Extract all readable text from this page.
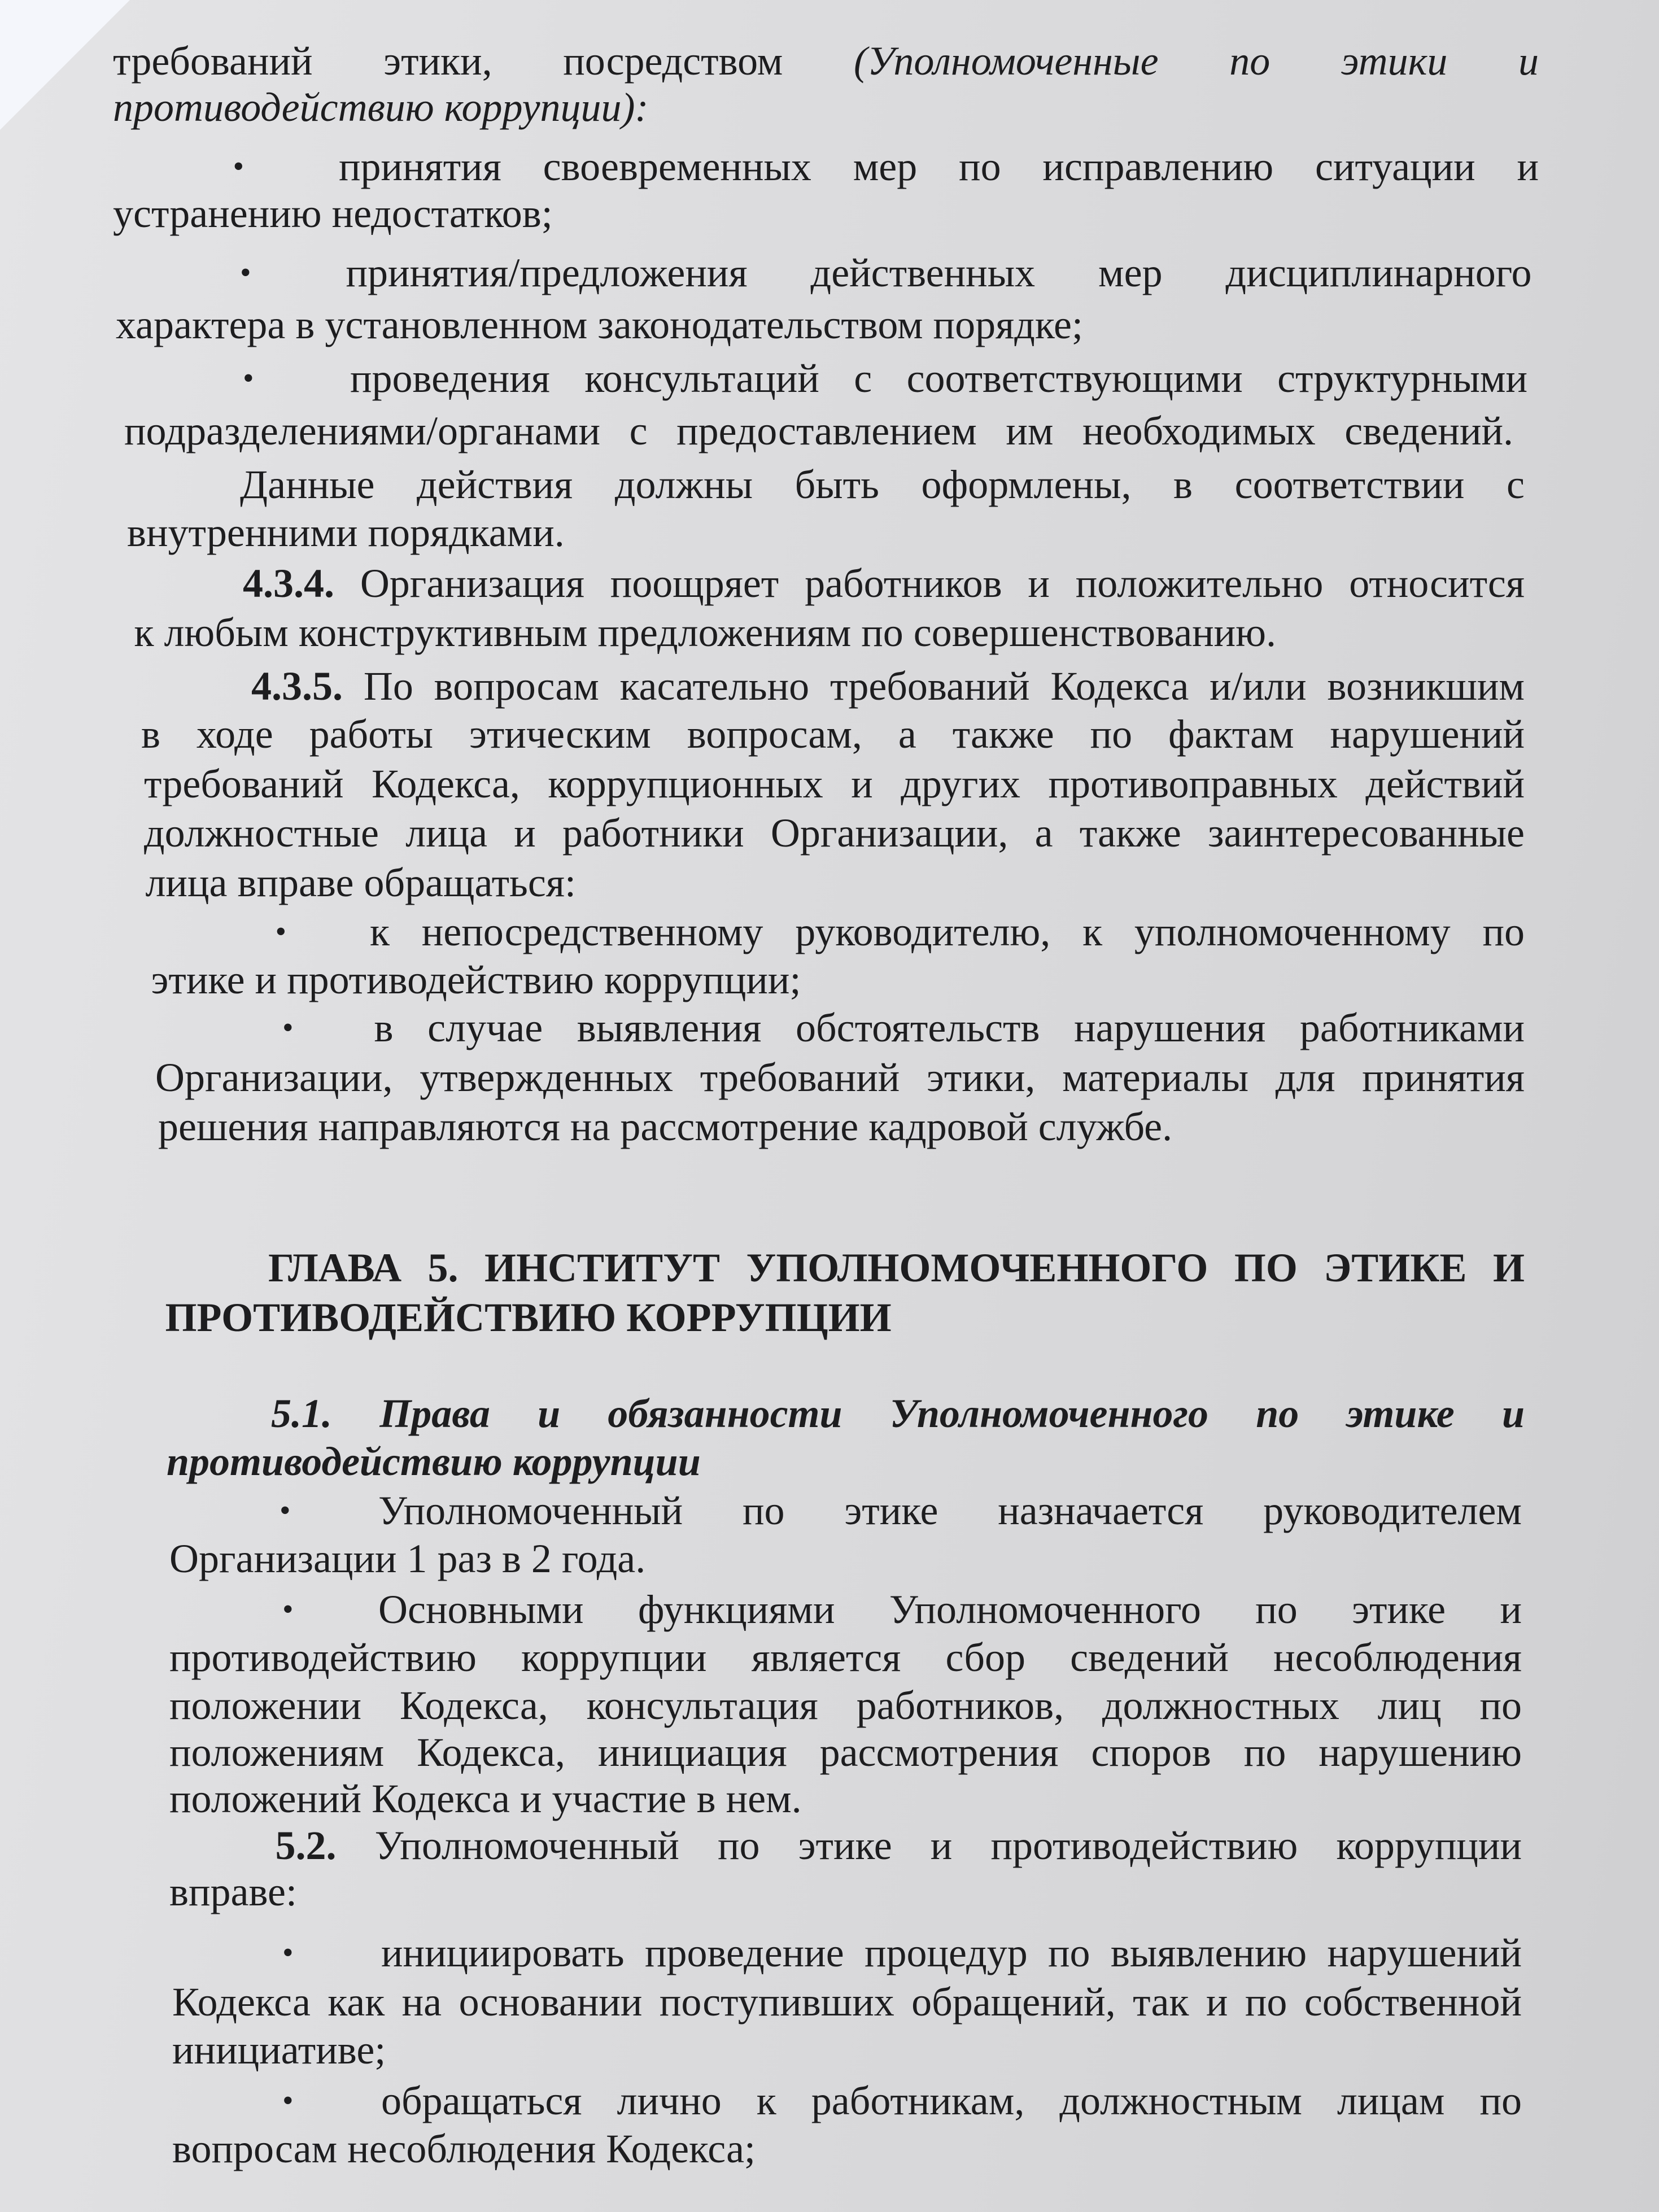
требований этики, посредством (Уполномоченные по этики и
противодействию коррупции):
• принятия своевременных мер по исправлению ситуации и
устранению недостатков;
• принятия/предложения действенных мер дисциплинарного
характера в установленном законодательством порядке;
• проведения консультаций с соответствующими структурными
подразделениями/органами с предоставлением им необходимых сведений.
Данные действия должны быть оформлены, в соответствии с
внутренними порядками.
4.3.4. Организация поощряет работников и положительно относится
к любым конструктивным предложениям по совершенствованию.
4.3.5. По вопросам касательно требований Кодекса и/или возникшим
в ходе работы этическим вопросам, а также по фактам нарушений
требований Кодекса, коррупционных и других противоправных действий
должностные лица и работники Организации, а также заинтересованные
лица вправе обращаться:
• к непосредственному руководителю, к уполномоченному по
этике и противодействию коррупции;
• в случае выявления обстоятельств нарушения работниками
Организации, утвержденных требований этики, материалы для принятия
решения направляются на рассмотрение кадровой службе.
ГЛАВА 5. ИНСТИТУТ УПОЛНОМОЧЕННОГО ПО ЭТИКЕ И
ПРОТИВОДЕЙСТВИЮ КОРРУПЦИИ
5.1. Права и обязанности Уполномоченного по этике и
противодействию коррупции
• Уполномоченный по этике назначается руководителем
Организации 1 раз в 2 года.
• Основными функциями Уполномоченного по этике и
противодействию коррупции является сбор сведений несоблюдения
положении Кодекса, консультация работников, должностных лиц по
положениям Кодекса, инициация рассмотрения споров по нарушению
положений Кодекса и участие в нем.
5.2. Уполномоченный по этике и противодействию коррупции
вправе:
• инициировать проведение процедур по выявлению нарушений
Кодекса как на основании поступивших обращений, так и по собственной
инициативе;
• обращаться лично к работникам, должностным лицам по
вопросам несоблюдения Кодекса;
